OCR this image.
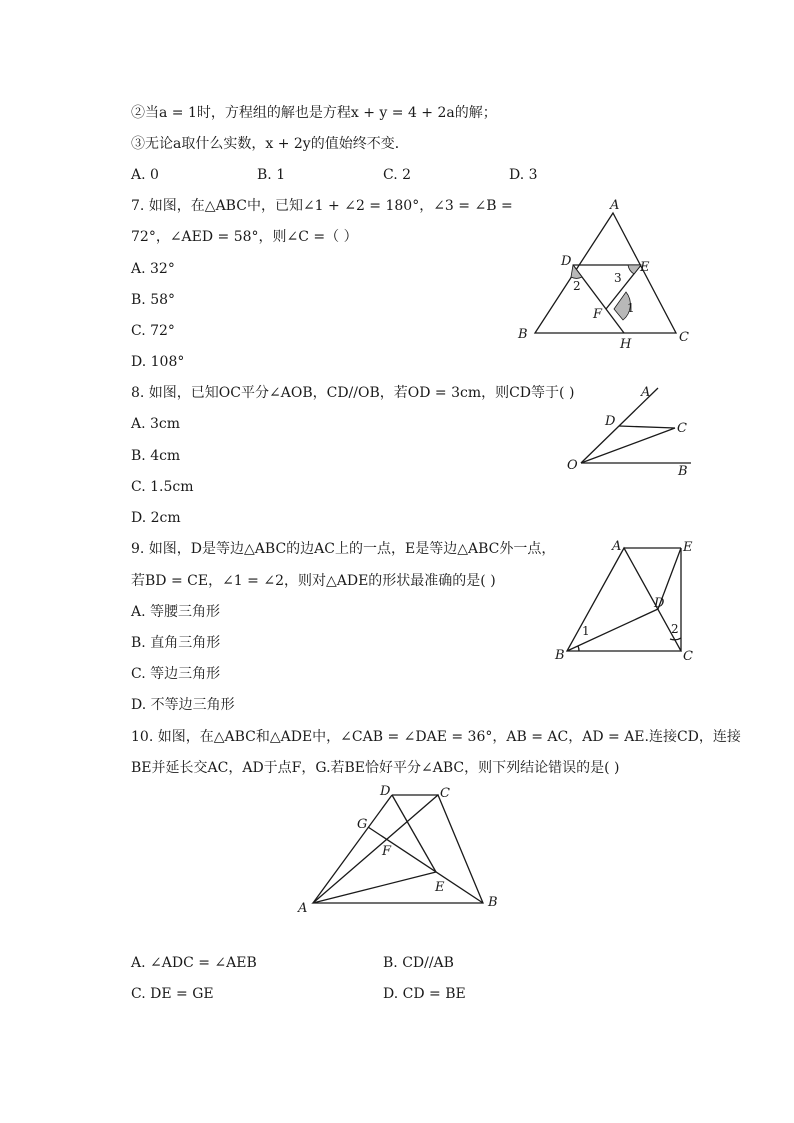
②当a = 1时，方程组的解也是方程x + y = 4 + 2a的解；
③无论a取什么实数，x + 2y的值始终不变．
A. 0	B. 1	C. 2	D. 3
7. 如图，在△ABC中，已知∠1 + ∠2 = 180°，∠3 = ∠B =
72°，∠AED = 58°，则∠C =（ ）
A. 32°
B. 58°
C. 72°
D. 108°
A
B	C
D	E
F
H
1
2
3
8. 如图，已知OC平分∠AOB，CD//OB，若OD = 3cm，则CD等于( )
A. 3cm
B. 4cm
C. 1.5cm
D. 2cm
A
B
C
D
O
9. 如图，D是等边△ABC的边AC上的一点，E是等边△ABC外一点，
若BD = CE，∠1 = ∠2，则对△ADE的形状最准确的是( )
A. 等腰三角形
B. 直角三角形
C. 等边三角形
D. 不等边三角形
A
B	C
D
E
1	2
10. 如图，在△ABC和△ADE中，∠CAB = ∠DAE = 36°，AB = AC，AD = AE.连接CD，连接
BE并延长交AC，AD于点F，G.若BE恰好平分∠ABC，则下列结论错误的是( )
A	B
C
D
E
F
G
A. ∠ADC = ∠AEB	B. CD//AB
C. DE = GE	D. CD = BE
